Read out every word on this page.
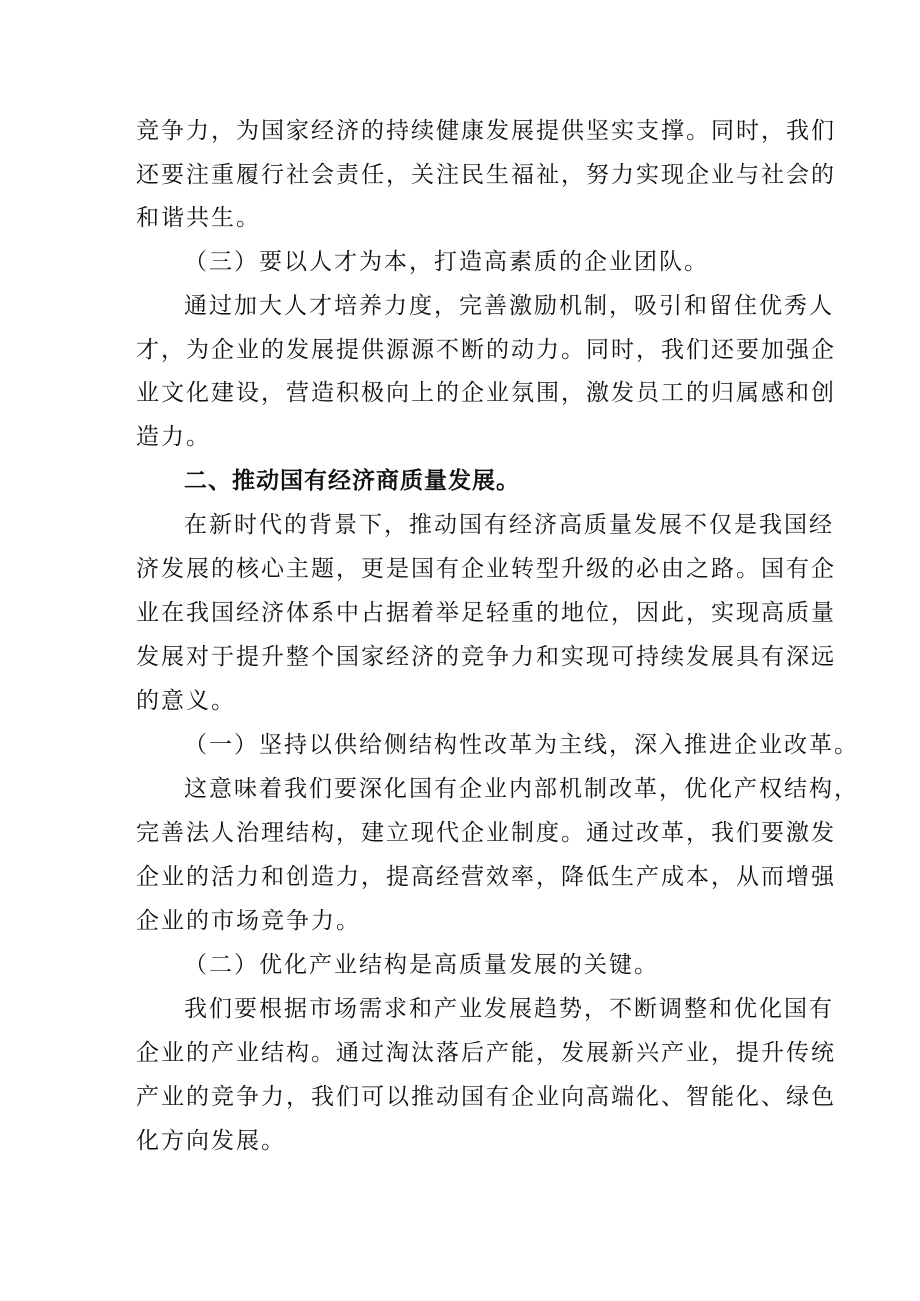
竞争力，为国家经济的持续健康发展提供坚实支撑。同时，我们
还要注重履行社会责任，关注民生福祉，努力实现企业与社会的
和谐共生。
（三）要以人才为本，打造高素质的企业团队。
通过加大人才培养力度，完善激励机制，吸引和留住优秀人
才，为企业的发展提供源源不断的动力。同时，我们还要加强企
业文化建设，营造积极向上的企业氛围，激发员工的归属感和创
造力。
二、推动国有经济商质量发展。
在新时代的背景下，推动国有经济高质量发展不仅是我国经
济发展的核心主题，更是国有企业转型升级的必由之路。国有企
业在我国经济体系中占据着举足轻重的地位，因此，实现高质量
发展对于提升整个国家经济的竞争力和实现可持续发展具有深远
的意义。
（一）坚持以供给侧结构性改革为主线，深入推进企业改革。
这意味着我们要深化国有企业内部机制改革，优化产权结构，
完善法人治理结构，建立现代企业制度。通过改革，我们要激发
企业的活力和创造力，提高经营效率，降低生产成本，从而增强
企业的市场竞争力。
（二）优化产业结构是高质量发展的关键。
我们要根据市场需求和产业发展趋势，不断调整和优化国有
企业的产业结构。通过淘汰落后产能，发展新兴产业，提升传统
产业的竞争力，我们可以推动国有企业向高端化、智能化、绿色
化方向发展。
